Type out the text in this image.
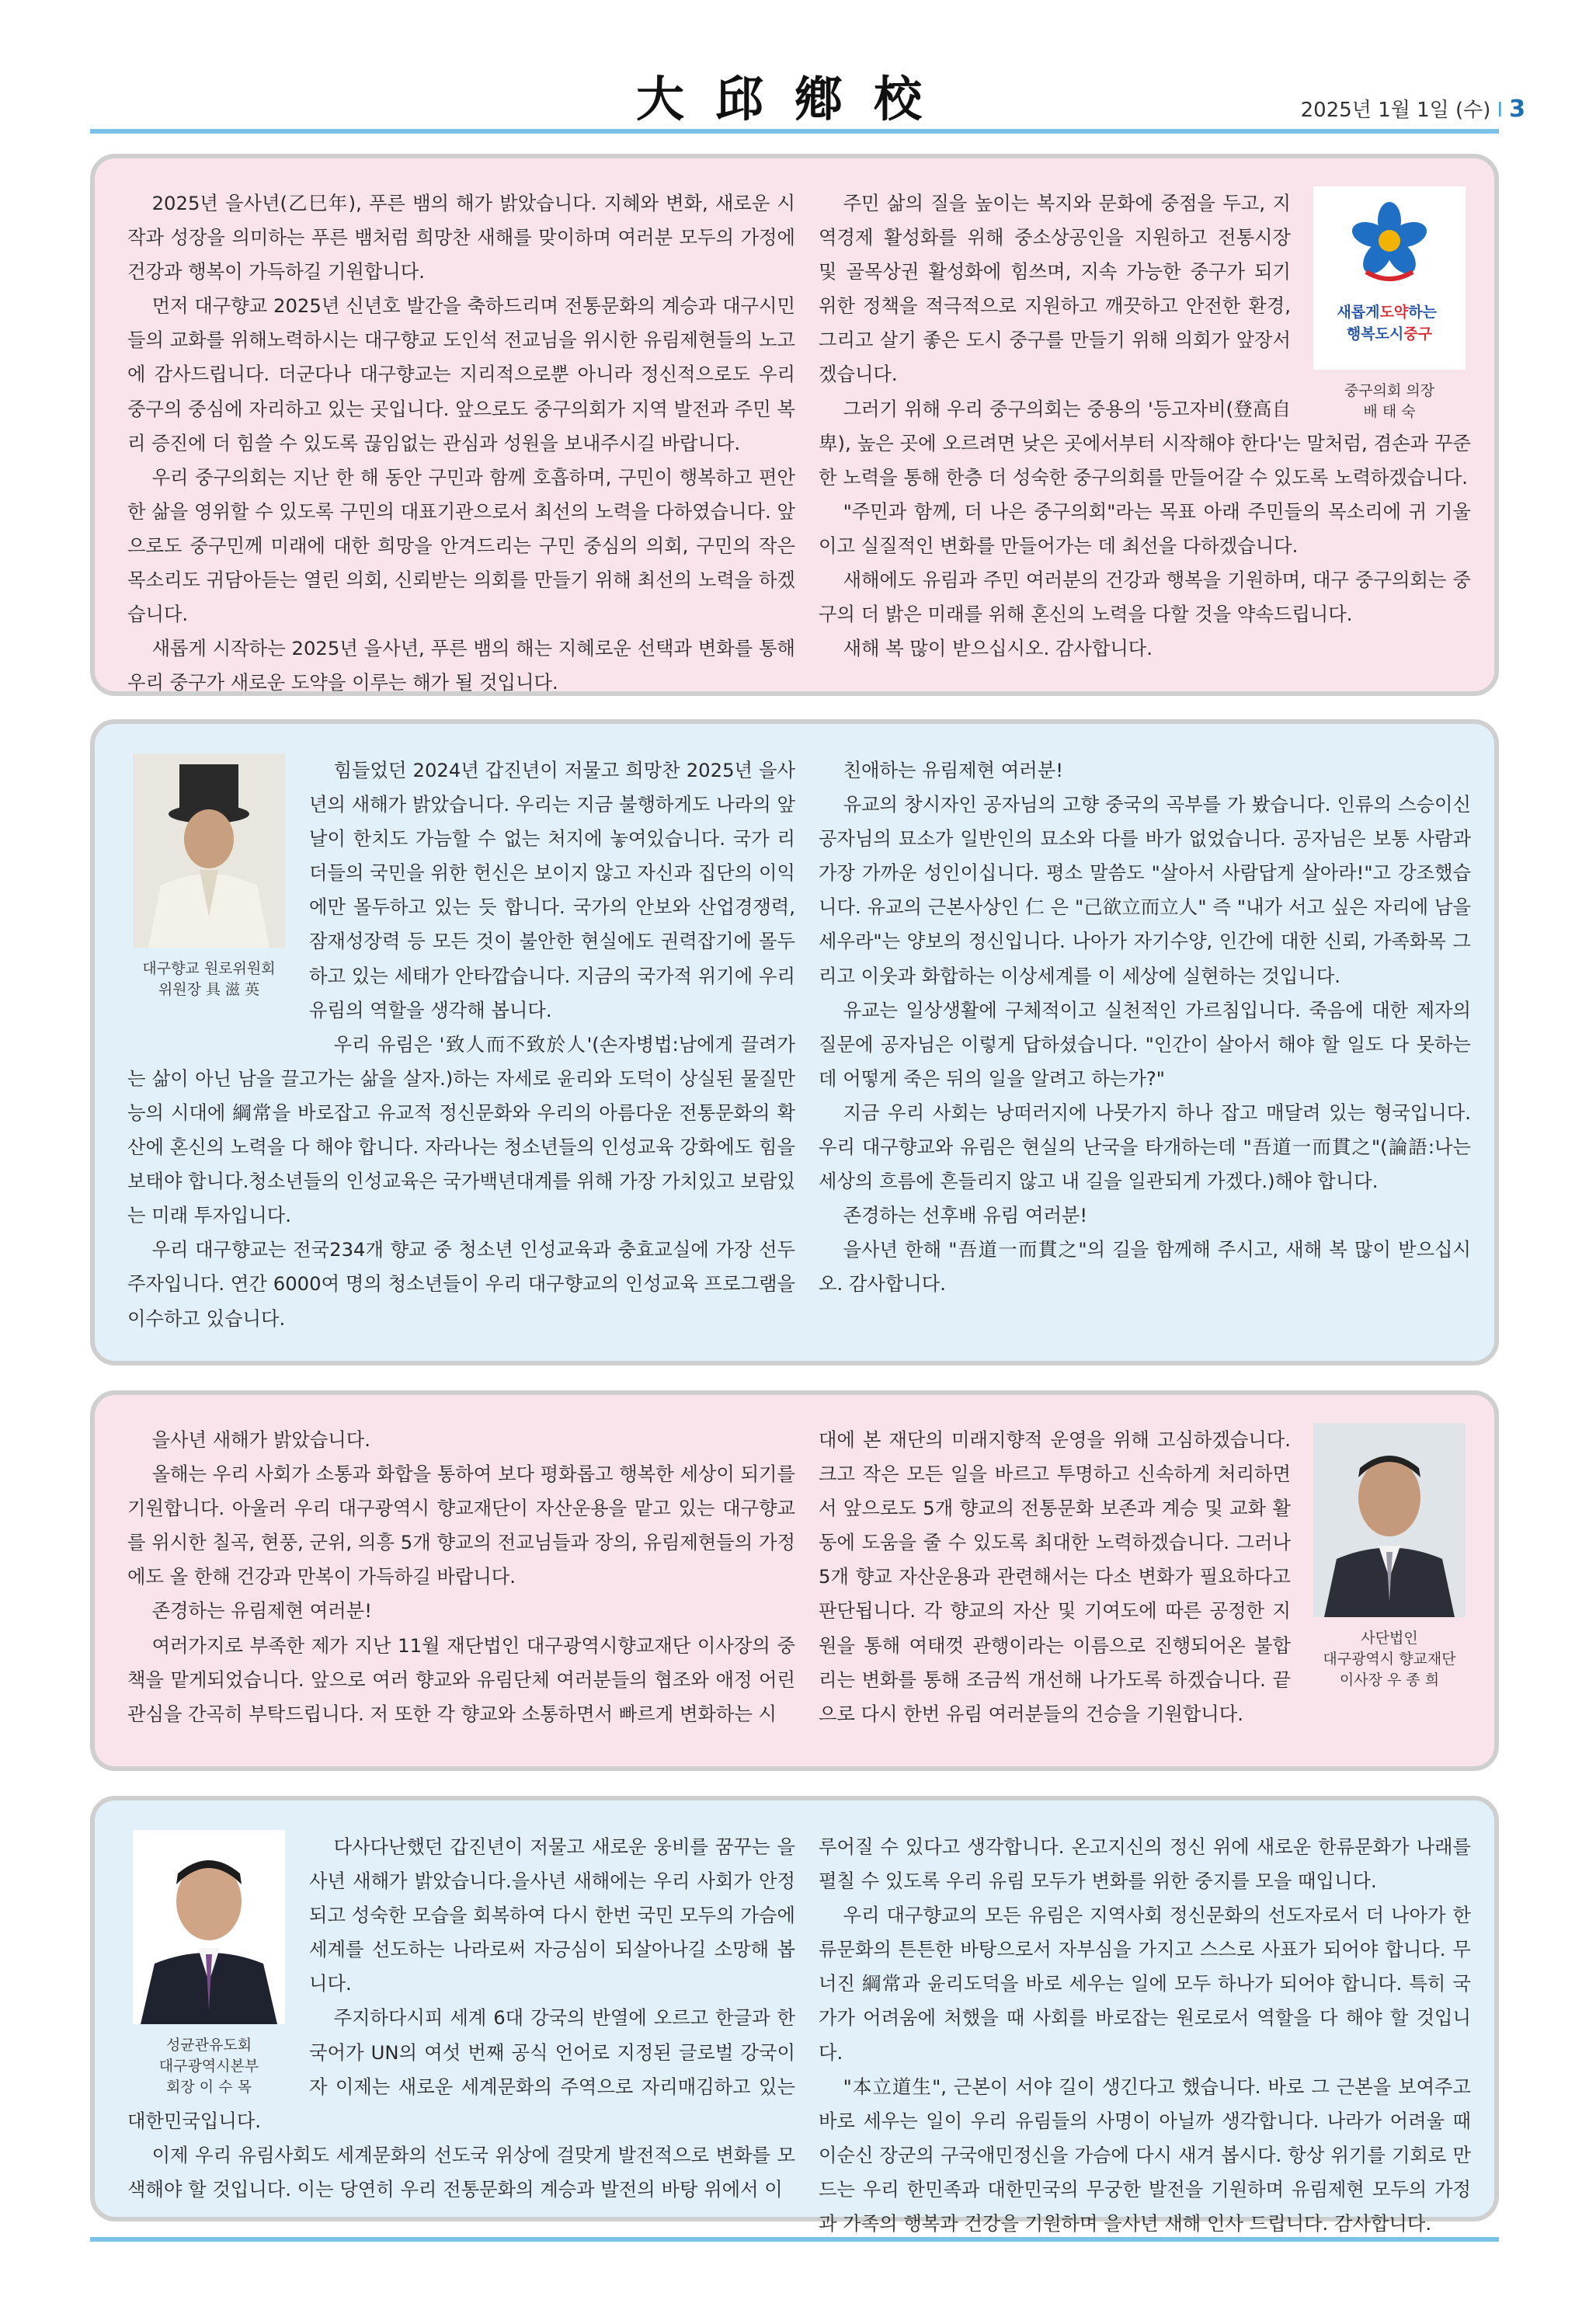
大邱鄕校	2025년 1월 1일 (수) I 3

2025년 을사년(乙巳年), 푸른 뱀의 해가 밝았습니다. 지혜와 변화, 새로운 시작과 성장을 의미하는 푸른 뱀처럼 희망찬 새해를 맞이하며 여러분 모두의 가정에 건강과 행복이 가득하길 기원합니다.

먼저 대구향교 2025년 신년호 발간을 축하드리며 전통문화의 계승과 대구시민들의 교화를 위해노력하시는 대구향교 도인석 전교님을 위시한 유림제현들의 노고에 감사드립니다. 더군다나 대구향교는 지리적으로뿐 아니라 정신적으로도 우리 중구의 중심에 자리하고 있는 곳입니다. 앞으로도 중구의회가 지역 발전과 주민 복리 증진에 더 힘쓸 수 있도록 끊임없는 관심과 성원을 보내주시길 바랍니다.

우리 중구의회는 지난 한 해 동안 구민과 함께 호흡하며, 구민이 행복하고 편안한 삶을 영위할 수 있도록 구민의 대표기관으로서 최선의 노력을 다하였습니다. 앞으로도 중구민께 미래에 대한 희망을 안겨드리는 구민 중심의 의회, 구민의 작은 목소리도 귀담아듣는 열린 의회, 신뢰받는 의회를 만들기 위해 최선의 노력을 하겠습니다.

새롭게 시작하는 2025년 을사년, 푸른 뱀의 해는 지혜로운 선택과 변화를 통해 우리 중구가 새로운 도약을 이루는 해가 될 것입니다.

새롭게도약하는 행복도시중구
중구의회 의장
배 태 숙

주민 삶의 질을 높이는 복지와 문화에 중점을 두고, 지역경제 활성화를 위해 중소상공인을 지원하고 전통시장 및 골목상권 활성화에 힘쓰며, 지속 가능한 중구가 되기 위한 정책을 적극적으로 지원하고 깨끗하고 안전한 환경, 그리고 살기 좋은 도시 중구를 만들기 위해 의회가 앞장서겠습니다.

그러기 위해 우리 중구의회는 중용의 '등고자비(登高自卑), 높은 곳에 오르려면 낮은 곳에서부터 시작해야 한다'는 말처럼, 겸손과 꾸준한 노력을 통해 한층 더 성숙한 중구의회를 만들어갈 수 있도록 노력하겠습니다.

"주민과 함께, 더 나은 중구의회"라는 목표 아래 주민들의 목소리에 귀 기울이고 실질적인 변화를 만들어가는 데 최선을 다하겠습니다.

새해에도 유림과 주민 여러분의 건강과 행복을 기원하며, 대구 중구의회는 중구의 더 밝은 미래를 위해 혼신의 노력을 다할 것을 약속드립니다.

새해 복 많이 받으십시오. 감사합니다.

대구향교 원로위원회
위원장 具 滋 英

힘들었던 2024년 갑진년이 저물고 희망찬 2025년 을사년의 새해가 밝았습니다. 우리는 지금 불행하게도 나라의 앞날이 한치도 가늠할 수 없는 처지에 놓여있습니다. 국가 리더들의 국민을 위한 헌신은 보이지 않고 자신과 집단의 이익에만 몰두하고 있는 듯 합니다. 국가의 안보와 산업경쟁력, 잠재성장력 등 모든 것이 불안한 현실에도 권력잡기에 몰두하고 있는 세태가 안타깝습니다. 지금의 국가적 위기에 우리 유림의 역할을 생각해 봅니다.

우리 유림은 '致人而不致於人'(손자병법:남에게 끌려가는 삶이 아닌 남을 끌고가는 삶을 살자.)하는 자세로 윤리와 도덕이 상실된 물질만능의 시대에 綱常을 바로잡고 유교적 정신문화와 우리의 아름다운 전통문화의 확산에 혼신의 노력을 다 해야 합니다. 자라나는 청소년들의 인성교육 강화에도 힘을 보태야 합니다.청소년들의 인성교육은 국가백년대계를 위해 가장 가치있고 보람있는 미래 투자입니다.

우리 대구향교는 전국234개 향교 중 청소년 인성교육과 충효교실에 가장 선두주자입니다. 연간 6000여 명의 청소년들이 우리 대구향교의 인성교육 프로그램을 이수하고 있습니다.

친애하는 유림제현 여러분!

유교의 창시자인 공자님의 고향 중국의 곡부를 가 봤습니다. 인류의 스승이신 공자님의 묘소가 일반인의 묘소와 다를 바가 없었습니다. 공자님은 보통 사람과 가장 가까운 성인이십니다. 평소 말씀도 "살아서 사람답게 살아라!"고 강조했습니다. 유교의 근본사상인 仁 은 "己欲立而立人" 즉 "내가 서고 싶은 자리에 남을 세우라"는 양보의 정신입니다. 나아가 자기수양, 인간에 대한 신뢰, 가족화목 그리고 이웃과 화합하는 이상세계를 이 세상에 실현하는 것입니다.

유교는 일상생활에 구체적이고 실천적인 가르침입니다. 죽음에 대한 제자의 질문에 공자님은 이렇게 답하셨습니다. "인간이 살아서 해야 할 일도 다 못하는데 어떻게 죽은 뒤의 일을 알려고 하는가?"

지금 우리 사회는 낭떠러지에 나뭇가지 하나 잡고 매달려 있는 형국입니다. 우리 대구향교와 유림은 현실의 난국을 타개하는데 "吾道一而貫之"(論語:나는 세상의 흐름에 흔들리지 않고 내 길을 일관되게 가겠다.)해야 합니다.

존경하는 선후배 유림 여러분!

을사년 한해 "吾道一而貫之"의 길을 함께해 주시고, 새해 복 많이 받으십시오. 감사합니다.

을사년 새해가 밝았습니다.

올해는 우리 사회가 소통과 화합을 통하여 보다 평화롭고 행복한 세상이 되기를 기원합니다. 아울러 우리 대구광역시 향교재단이 자산운용을 맡고 있는 대구향교를 위시한 칠곡, 현풍, 군위, 의흥 5개 향교의 전교님들과 장의, 유림제현들의 가정에도 올 한해 건강과 만복이 가득하길 바랍니다.

존경하는 유림제현 여러분!

여러가지로 부족한 제가 지난 11월 재단법인 대구광역시향교재단 이사장의 중책을 맡게되었습니다. 앞으로 여러 향교와 유림단체 여러분들의 협조와 애정 어린 관심을 간곡히 부탁드립니다. 저 또한 각 향교와 소통하면서 빠르게 변화하는 시

사단법인
대구광역시 향교재단
이사장 우 종 희

대에 본 재단의 미래지향적 운영을 위해 고심하겠습니다. 크고 작은 모든 일을 바르고 투명하고 신속하게 처리하면서 앞으로도 5개 향교의 전통문화 보존과 계승 및 교화 활동에 도움을 줄 수 있도록 최대한 노력하겠습니다. 그러나 5개 향교 자산운용과 관련해서는 다소 변화가 필요하다고 판단됩니다. 각 향교의 자산 및 기여도에 따른 공정한 지원을 통해 여태껏 관행이라는 이름으로 진행되어온 불합리는 변화를 통해 조금씩 개선해 나가도록 하겠습니다. 끝으로 다시 한번 유림 여러분들의 건승을 기원합니다.

성균관유도회
대구광역시본부
회장 이 수 목

다사다난했던 갑진년이 저물고 새로운 웅비를 꿈꾸는 을사년 새해가 밝았습니다.을사년 새해에는 우리 사회가 안정되고 성숙한 모습을 회복하여 다시 한번 국민 모두의 가슴에 세계를 선도하는 나라로써 자긍심이 되살아나길 소망해 봅니다.

주지하다시피 세계 6대 강국의 반열에 오르고 한글과 한국어가 UN의 여섯 번째 공식 언어로 지정된 글로벌 강국이자 이제는 새로운 세계문화의 주역으로 자리매김하고 있는 대한민국입니다.

이제 우리 유림사회도 세계문화의 선도국 위상에 걸맞게 발전적으로 변화를 모색해야 할 것입니다. 이는 당연히 우리 전통문화의 계승과 발전의 바탕 위에서 이

루어질 수 있다고 생각합니다. 온고지신의 정신 위에 새로운 한류문화가 나래를 펼칠 수 있도록 우리 유림 모두가 변화를 위한 중지를 모을 때입니다.

우리 대구향교의 모든 유림은 지역사회 정신문화의 선도자로서 더 나아가 한류문화의 튼튼한 바탕으로서 자부심을 가지고 스스로 사표가 되어야 합니다. 무너진 綱常과 윤리도덕을 바로 세우는 일에 모두 하나가 되어야 합니다. 특히 국가가 어려움에 처했을 때 사회를 바로잡는 원로로서 역할을 다 해야 할 것입니다.

"本立道生", 근본이 서야 길이 생긴다고 했습니다. 바로 그 근본을 보여주고 바로 세우는 일이 우리 유림들의 사명이 아닐까 생각합니다. 나라가 어려울 때 이순신 장군의 구국애민정신을 가슴에 다시 새겨 봅시다. 항상 위기를 기회로 만드는 우리 한민족과 대한민국의 무궁한 발전을 기원하며 유림제현 모두의 가정과 가족의 행복과 건강을 기원하며 을사년 새해 인사 드립니다. 감사합니다.
